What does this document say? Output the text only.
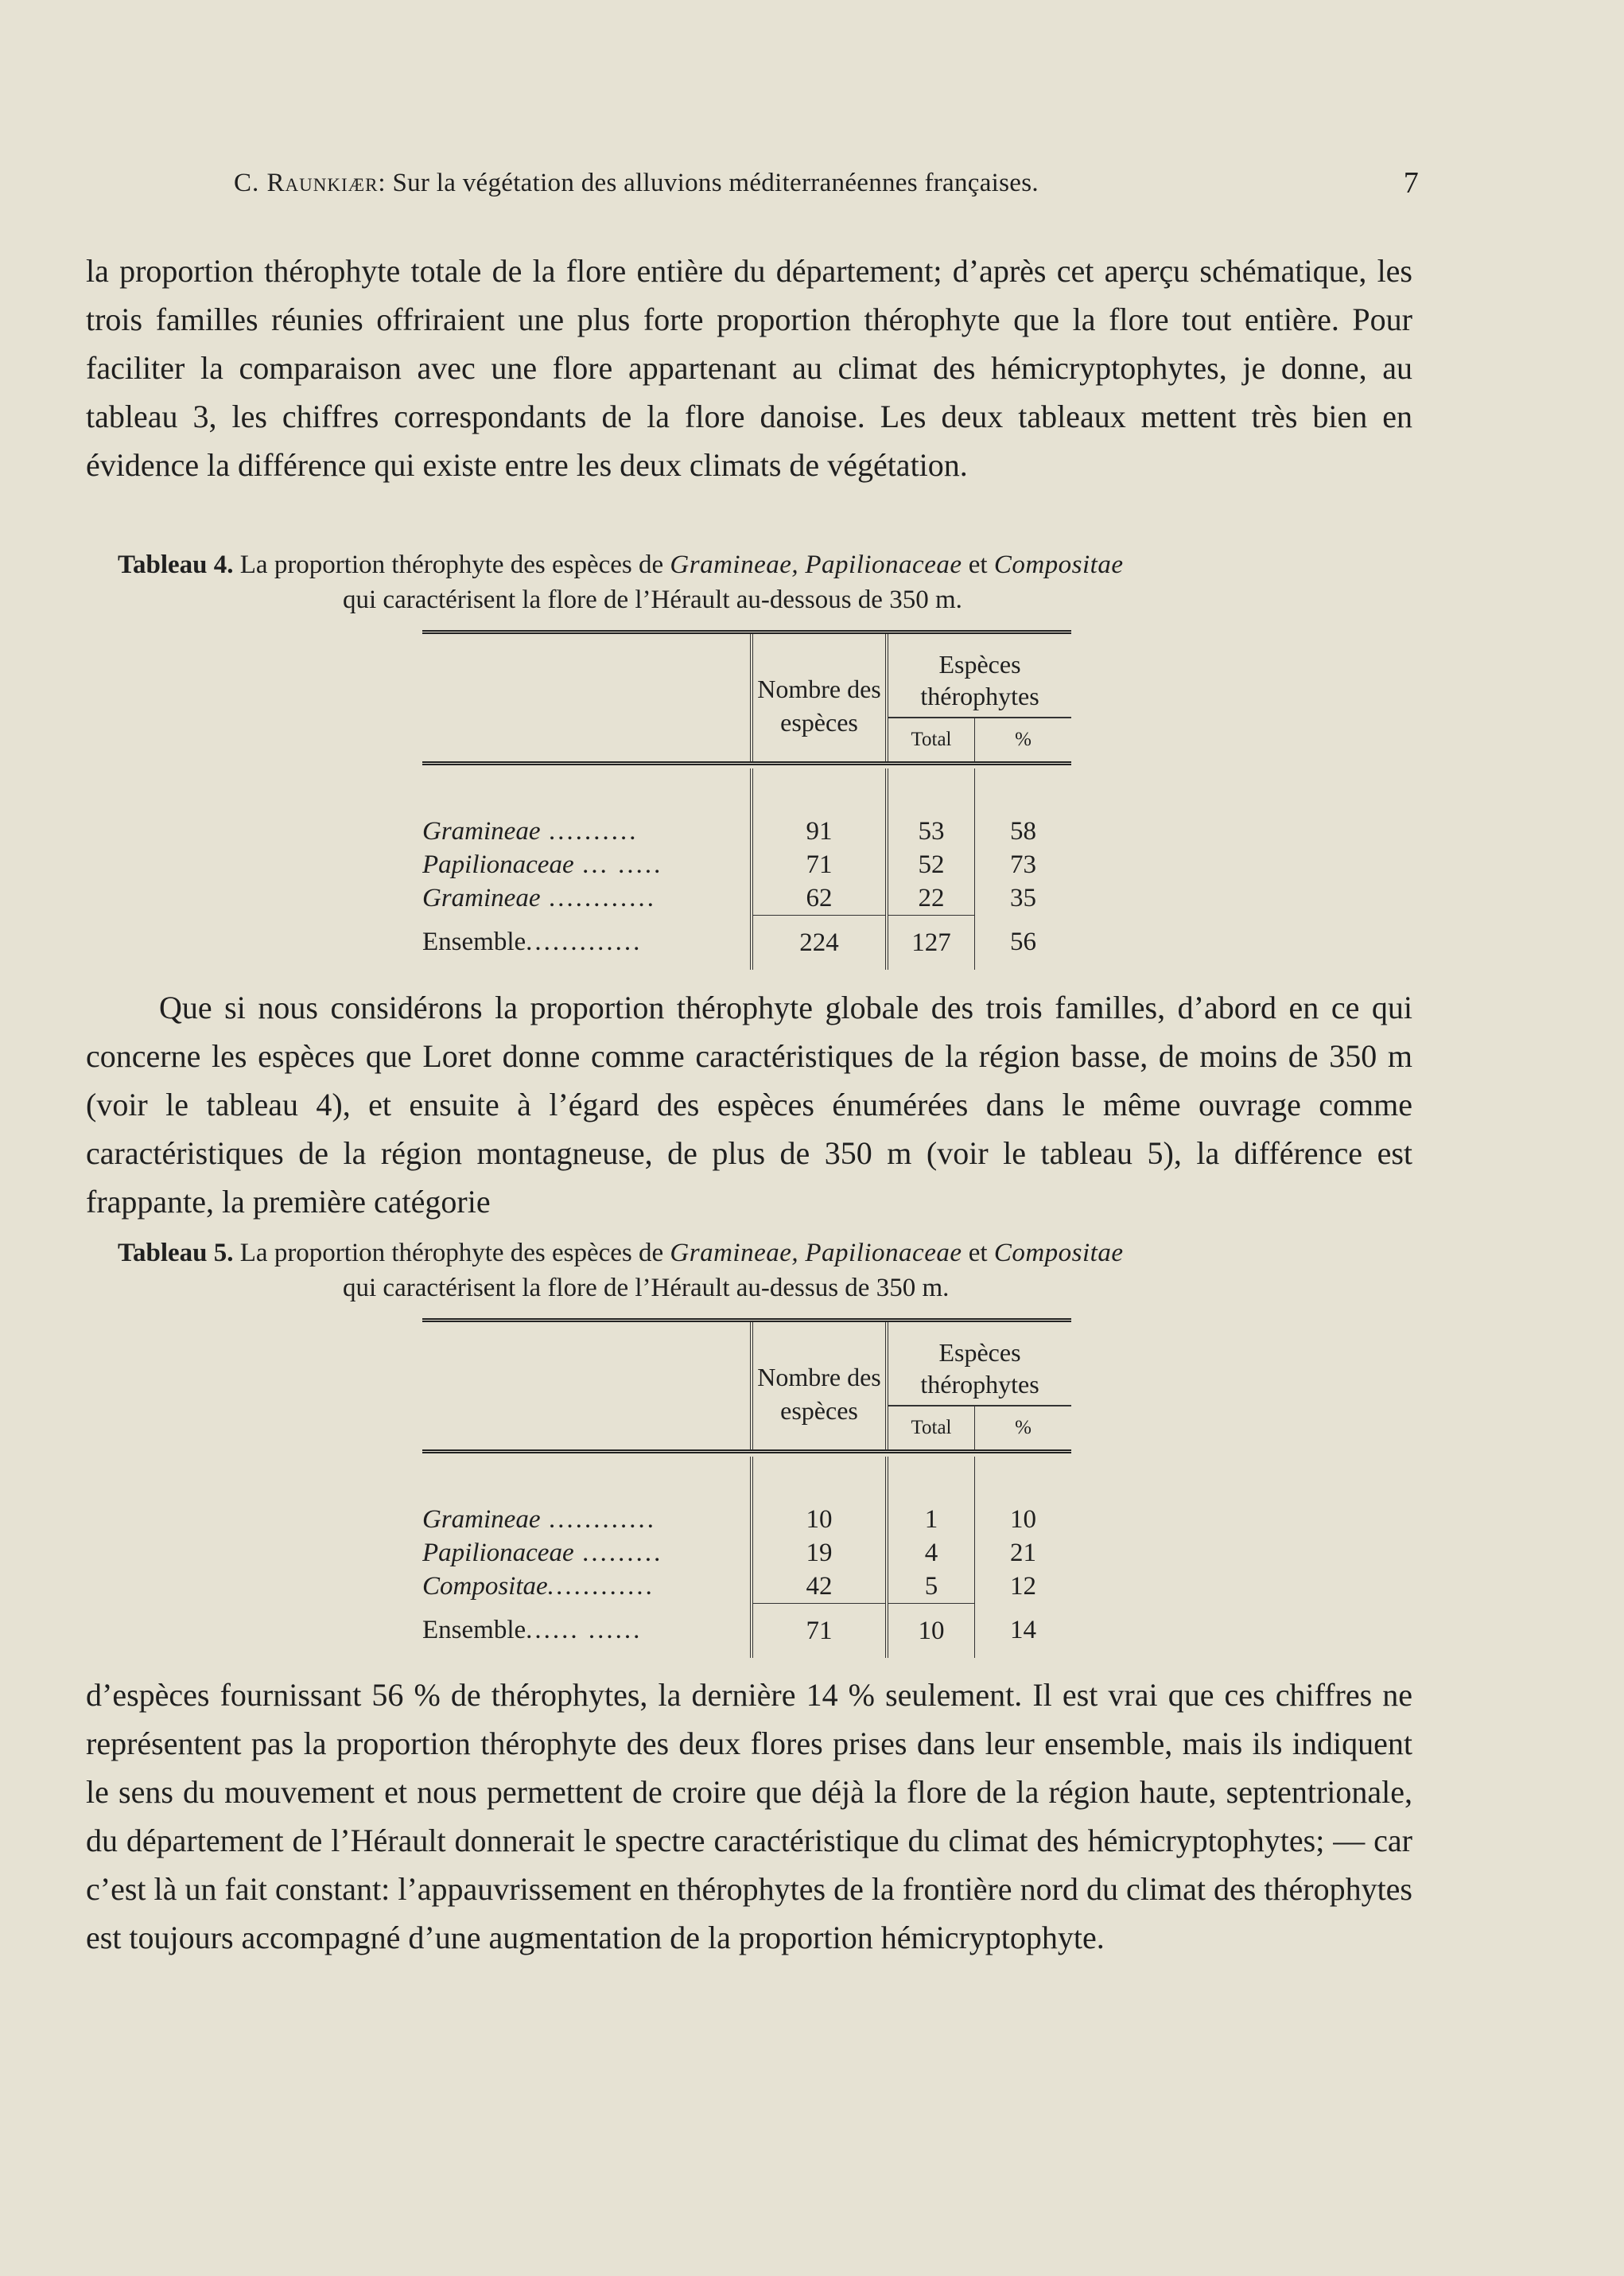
C. Raunkiær: Sur la végétation des alluvions méditerranéennes françaises.	7

la proportion thérophyte totale de la flore entière du département; d’après cet aperçu schématique, les trois familles réunies offriraient une plus forte proportion thérophyte que la flore tout entière. Pour faciliter la comparaison avec une flore appartenant au climat des hémicryptophytes, je donne, au tableau 3, les chiffres correspondants de la flore danoise. Les deux tableaux mettent très bien en évidence la différence qui existe entre les deux climats de végétation.

Tableau 4. La proportion thérophyte des espèces de Gramineae, Papilionaceae et Compositae
qui caractérisent la flore de l’Hérault au-dessous de 350 m.

	Nombre des espèces	Espèces thérophytes	
		Total	%

Gramineae ..........	91	53	58
Papilionaceae ... .....	71	52	73
Gramineae ............	62	22	35
Ensemble.............	224	127	56

Que si nous considérons la proportion thérophyte globale des trois familles, d’abord en ce qui concerne les espèces que Loret donne comme caractéristiques de la région basse, de moins de 350 m (voir le tableau 4), et ensuite à l’égard des espèces énumérées dans le même ouvrage comme caractéristiques de la région montagneuse, de plus de 350 m (voir le tableau 5), la différence est frappante, la première catégorie

Tableau 5. La proportion thérophyte des espèces de Gramineae, Papilionaceae et Compositae
qui caractérisent la flore de l’Hérault au-dessus de 350 m.

	Nombre des espèces	Espèces thérophytes	
		Total	%

Gramineae ............	10	1	10
Papilionaceae .........	19	4	21
Compositae............	42	5	12
Ensemble...... ......	71	10	14

d’espèces fournissant 56 % de thérophytes, la dernière 14 % seulement. Il est vrai que ces chiffres ne représentent pas la proportion thérophyte des deux flores prises dans leur ensemble, mais ils indiquent le sens du mouvement et nous permettent de croire que déjà la flore de la région haute, septentrionale, du département de l’Hérault donnerait le spectre caractéristique du climat des hémicryptophytes; — car c’est là un fait constant: l’appauvrissement en thérophytes de la frontière nord du climat des thérophytes est toujours accompagné d’une augmentation de la proportion hémicryptophyte.
